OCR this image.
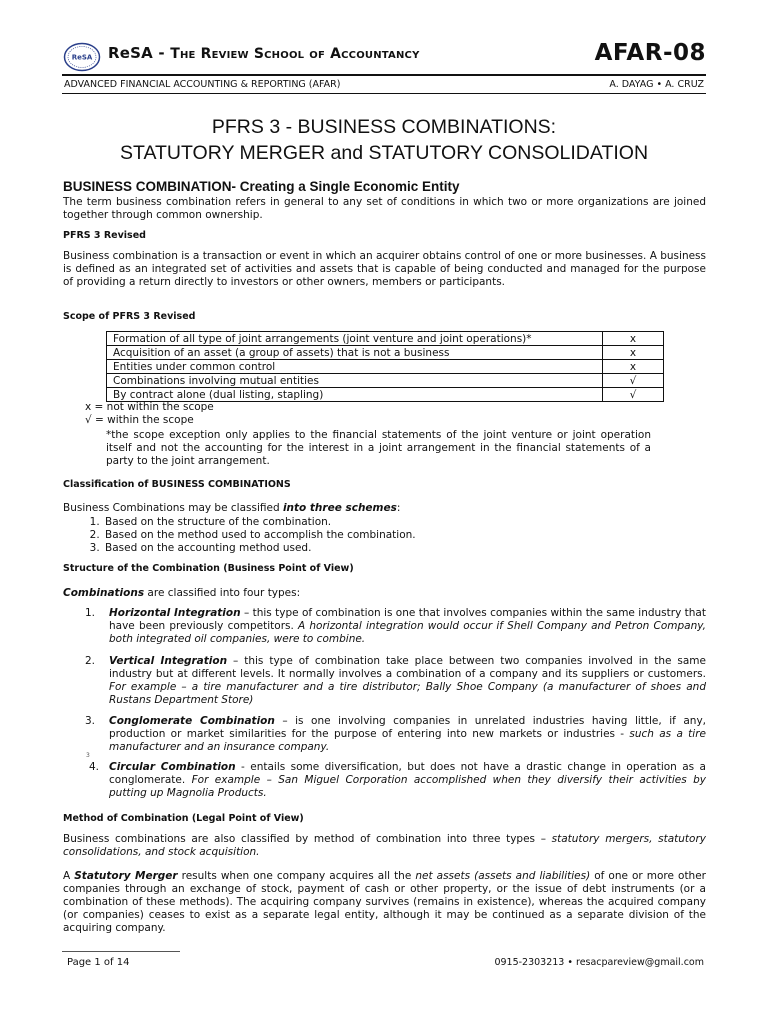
ReSA ReSA - The Review School of Accountancy	AFAR-08
ADVANCED FINANCIAL ACCOUNTING & REPORTING (AFAR)	A. DAYAG • A. CRUZ
PFRS 3 - BUSINESS COMBINATIONS:
STATUTORY MERGER and STATUTORY CONSOLIDATION
BUSINESS COMBINATION- Creating a Single Economic Entity
The term business combination refers in general to any set of conditions in which two or more organizations are joined together through common ownership.
PFRS 3 Revised
Business combination is a transaction or event in which an acquirer obtains control of one or more businesses. A business is defined as an integrated set of activities and assets that is capable of being conducted and managed for the purpose of providing a return directly to investors or other owners, members or participants.
Scope of PFRS 3 Revised
Formation of all type of joint arrangements (joint venture and joint operations)*	x
Acquisition of an asset (a group of assets) that is not a business	x
Entities under common control	x
Combinations involving mutual entities	√
By contract alone (dual listing, stapling)	√
x = not within the scope
√ = within the scope
*the scope exception only applies to the financial statements of the joint venture or joint operation itself and not the accounting for the interest in a joint arrangement in the financial statements of a party to the joint arrangement.
Classification of BUSINESS COMBINATIONS
Business Combinations may be classified into three schemes:
1. Based on the structure of the combination.
2. Based on the method used to accomplish the combination.
3. Based on the accounting method used.
Structure of the Combination (Business Point of View)
Combinations are classified into four types:
1.	Horizontal Integration – this type of combination is one that involves companies within the same industry that have been previously competitors. A horizontal integration would occur if Shell Company and Petron Company, both integrated oil companies, were to combine.
2.	Vertical Integration – this type of combination take place between two companies involved in the same industry but at different levels. It normally involves a combination of a company and its suppliers or customers. For example – a tire manufacturer and a tire distributor; Bally Shoe Company (a manufacturer of shoes and Rustans Department Store)
3.	Conglomerate Combination – is one involving companies in unrelated industries having little, if any, production or market similarities for the purpose of entering into new markets or industries - such as a tire manufacturer and an insurance company.
3
4. Circular Combination - entails some diversification, but does not have a drastic change in operation as a conglomerate. For example – San Miguel Corporation accomplished when they diversify their activities by putting up Magnolia Products.
Method of Combination (Legal Point of View)
Business combinations are also classified by method of combination into three types – statutory mergers, statutory consolidations, and stock acquisition.
A Statutory Merger results when one company acquires all the net assets (assets and liabilities) of one or more other companies through an exchange of stock, payment of cash or other property, or the issue of debt instruments (or a combination of these methods). The acquiring company survives (remains in existence), whereas the acquired company (or companies) ceases to exist as a separate legal entity, although it may be continued as a separate division of the acquiring company.
Page 1 of 14	0915-2303213 • resacpareview@gmail.com
